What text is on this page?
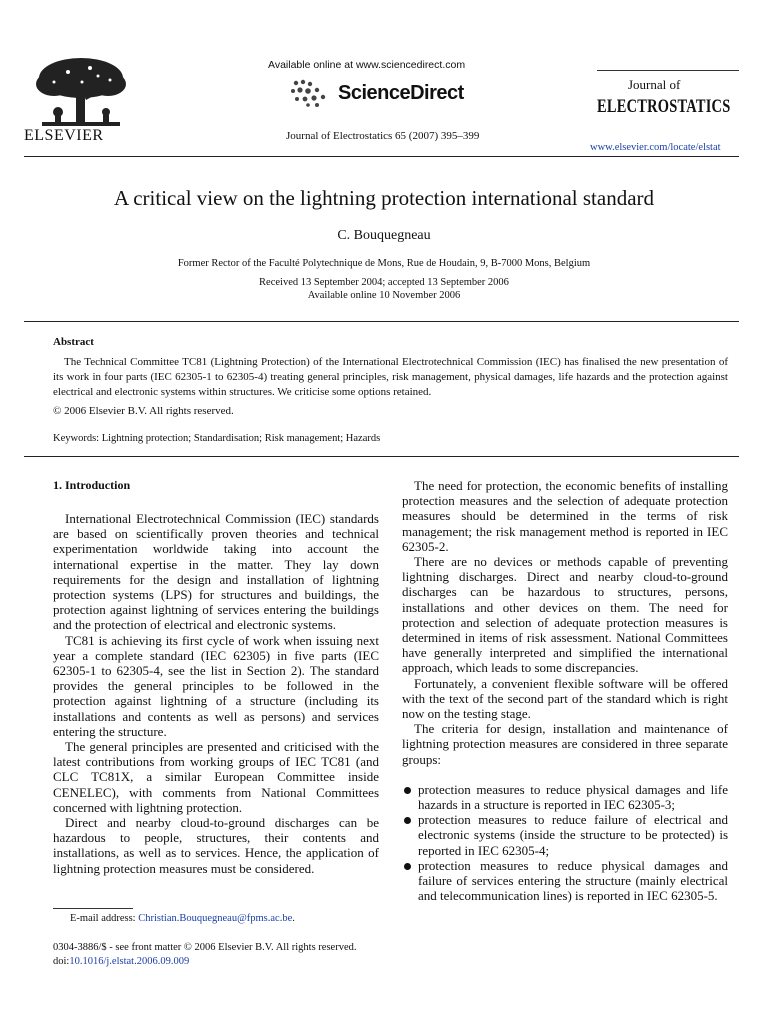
ELSEVIER
Available online at www.sciencedirect.com
ScienceDirect
Journal of Electrostatics 65 (2007) 395–399
Journal of
ELECTROSTATICS
www.elsevier.com/locate/elstat
A critical view on the lightning protection international standard
C. Bouquegneau
Former Rector of the Faculté Polytechnique de Mons, Rue de Houdain, 9, B-7000 Mons, Belgium
Received 13 September 2004; accepted 13 September 2006
Available online 10 November 2006
Abstract

The Technical Committee TC81 (Lightning Protection) of the International Electrotechnical Commission (IEC) has finalised the new presentation of its work in four parts (IEC 62305-1 to 62305-4) treating general principles, risk management, physical damages, life hazards and the protection against electrical and electronic systems within structures. We criticise some options retained.

© 2006 Elsevier B.V. All rights reserved.
Keywords: Lightning protection; Standardisation; Risk management; Hazards
1. Introduction

International Electrotechnical Commission (IEC) standards are based on scientifically proven theories and technical experimentation worldwide taking into account the international expertise in the matter. They lay down requirements for the design and installation of lightning protection systems (LPS) for structures and buildings, the protection against lightning of services entering the buildings and the protection of electrical and electronic systems.

TC81 is achieving its first cycle of work when issuing next year a complete standard (IEC 62305) in five parts (IEC 62305-1 to 62305-4, see the list in Section 2). The standard provides the general principles to be followed in the protection against lightning of a structure (including its installations and contents as well as persons) and services entering the structure.

The general principles are presented and criticised with the latest contributions from working groups of IEC TC81 (and CLC TC81X, a similar European Committee inside CENELEC), with comments from National Committees concerned with lightning protection.

Direct and nearby cloud-to-ground discharges can be hazardous to people, structures, their contents and installations, as well as to services. Hence, the application of lightning protection measures must be considered.

The need for protection, the economic benefits of installing protection measures and the selection of adequate protection measures should be determined in the terms of risk management; the risk management method is reported in IEC 62305-2.

There are no devices or methods capable of preventing lightning discharges. Direct and nearby cloud-to-ground discharges can be hazardous to structures, persons, installations and other devices on them. The need for protection and selection of adequate protection measures is determined in items of risk assessment. National Committees have generally interpreted and simplified the international approach, which leads to some discrepancies.

Fortunately, a convenient flexible software will be offered with the text of the second part of the standard which is right now on the testing stage.

The criteria for design, installation and maintenance of lightning protection measures are considered in three separate groups:

protection measures to reduce physical damages and life hazards in a structure is reported in IEC 62305-3;
protection measures to reduce failure of electrical and electronic systems (inside the structure to be protected) is reported in IEC 62305-4;
protection measures to reduce physical damages and failure of services entering the structure (mainly electrical and telecommunication lines) is reported in IEC 62305-5.
E-mail address: Christian.Bouquegneau@fpms.ac.be.
0304-3886/$ - see front matter © 2006 Elsevier B.V. All rights reserved.
doi:10.1016/j.elstat.2006.09.009
